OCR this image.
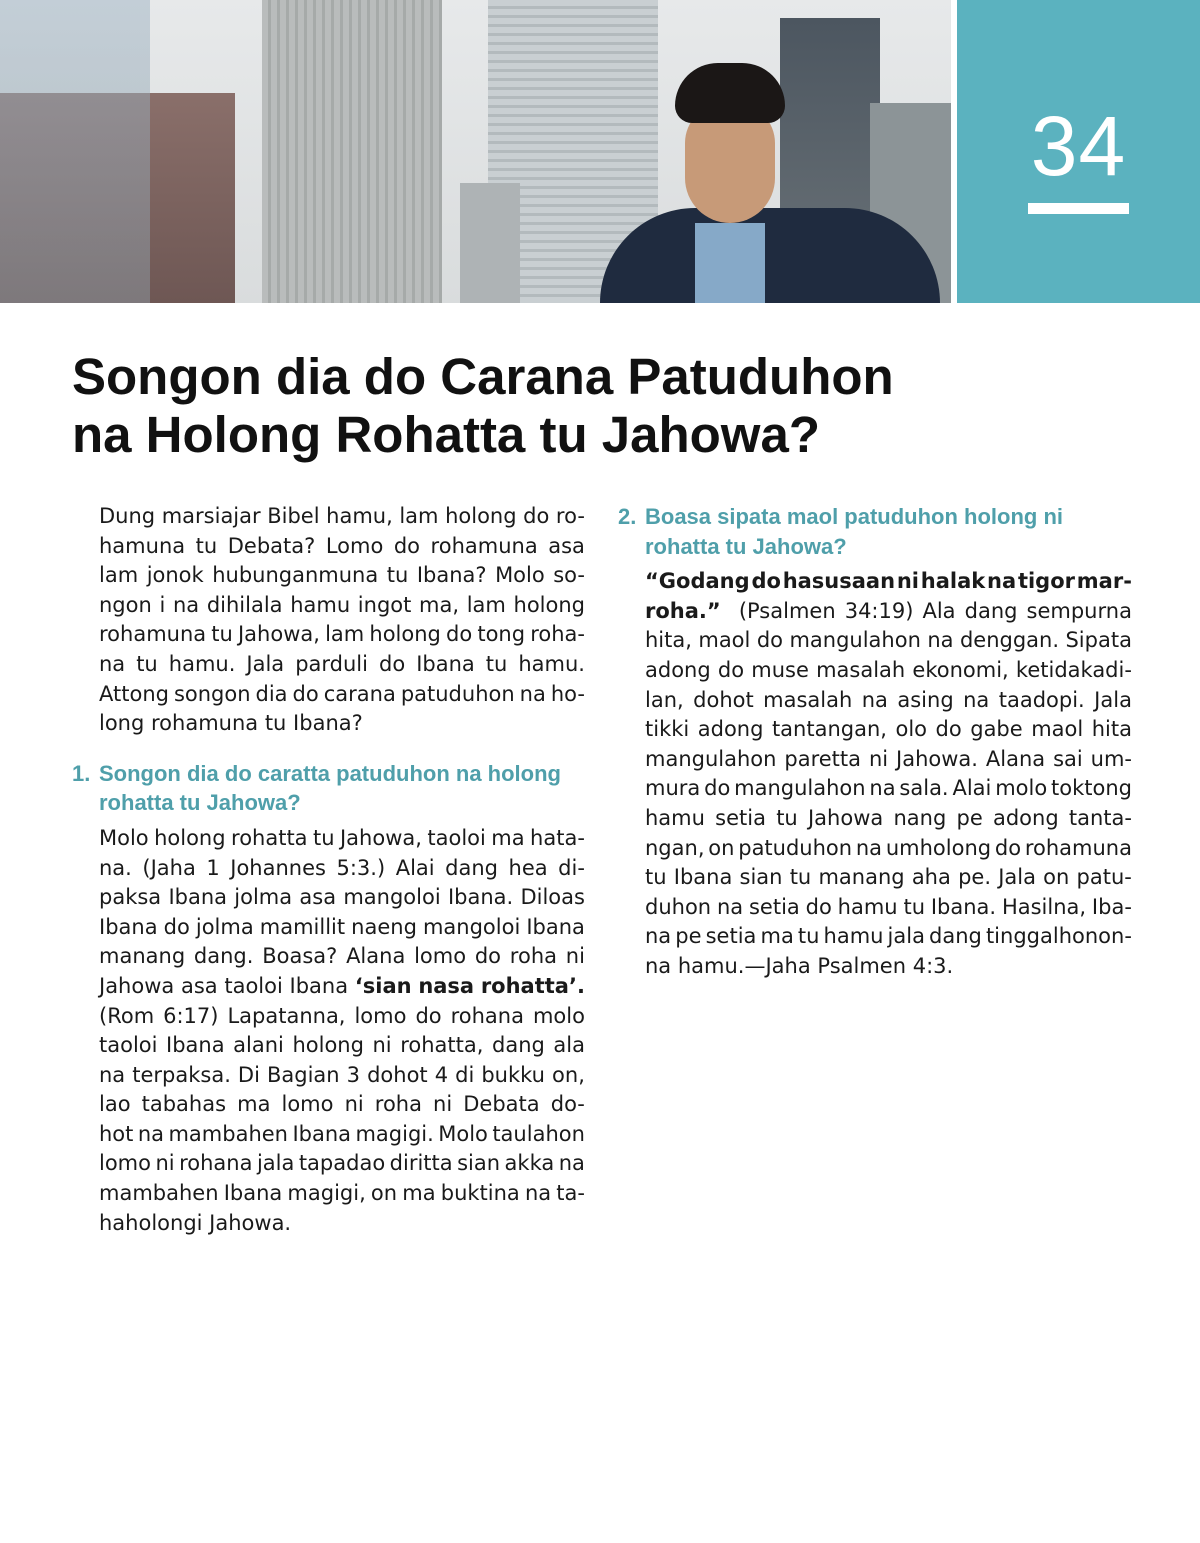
34
Songon dia do Carana Patuduhon
na Holong Rohatta tu Jahowa?
Dung marsiajar Bibel hamu, lam holong do ro-
hamuna tu Debata? Lomo do rohamuna asa
lam jonok hubunganmuna tu Ibana? Molo so-
ngon i na dihilala hamu ingot ma, lam holong
rohamuna tu Jahowa, lam holong do tong roha-
na tu hamu. Jala parduli do Ibana tu hamu.
Attong songon dia do carana patuduhon na ho-
long rohamuna tu Ibana?
1. Songon dia do caratta patuduhon na holong
rohatta tu Jahowa?
Molo holong rohatta tu Jahowa, taoloi ma hata-
na. (Jaha 1 Johannes 5:3.) Alai dang hea di-
paksa Ibana jolma asa mangoloi Ibana. Diloas
Ibana do jolma mamillit naeng mangoloi Ibana
manang dang. Boasa? Alana lomo do roha ni
Jahowa asa taoloi Ibana ‘sian nasa rohatta’.
(Rom 6:17) Lapatanna, lomo do rohana molo
taoloi Ibana alani holong ni rohatta, dang ala
na terpaksa. Di Bagian 3 dohot 4 di bukku on,
lao tabahas ma lomo ni roha ni Debata do-
hot na mambahen Ibana magigi. Molo taulahon
lomo ni rohana jala tapadao diritta sian akka na
mambahen Ibana magigi, on ma buktina na ta-
haholongi Jahowa.
2. Boasa sipata maol patuduhon holong ni
rohatta tu Jahowa?
“Godang do hasusaan ni halak na tigor mar-
roha.” (Psalmen 34:19) Ala dang sempurna
hita, maol do mangulahon na denggan. Sipata
adong do muse masalah ekonomi, ketidakadi-
lan, dohot masalah na asing na taadopi. Jala
tikki adong tantangan, olo do gabe maol hita
mangulahon paretta ni Jahowa. Alana sai um-
mura do mangulahon na sala. Alai molo toktong
hamu setia tu Jahowa nang pe adong tanta-
ngan, on patuduhon na umholong do rohamuna
tu Ibana sian tu manang aha pe. Jala on patu-
duhon na setia do hamu tu Ibana. Hasilna, Iba-
na pe setia ma tu hamu jala dang tinggalhonon-
na hamu.—Jaha Psalmen 4:3.
